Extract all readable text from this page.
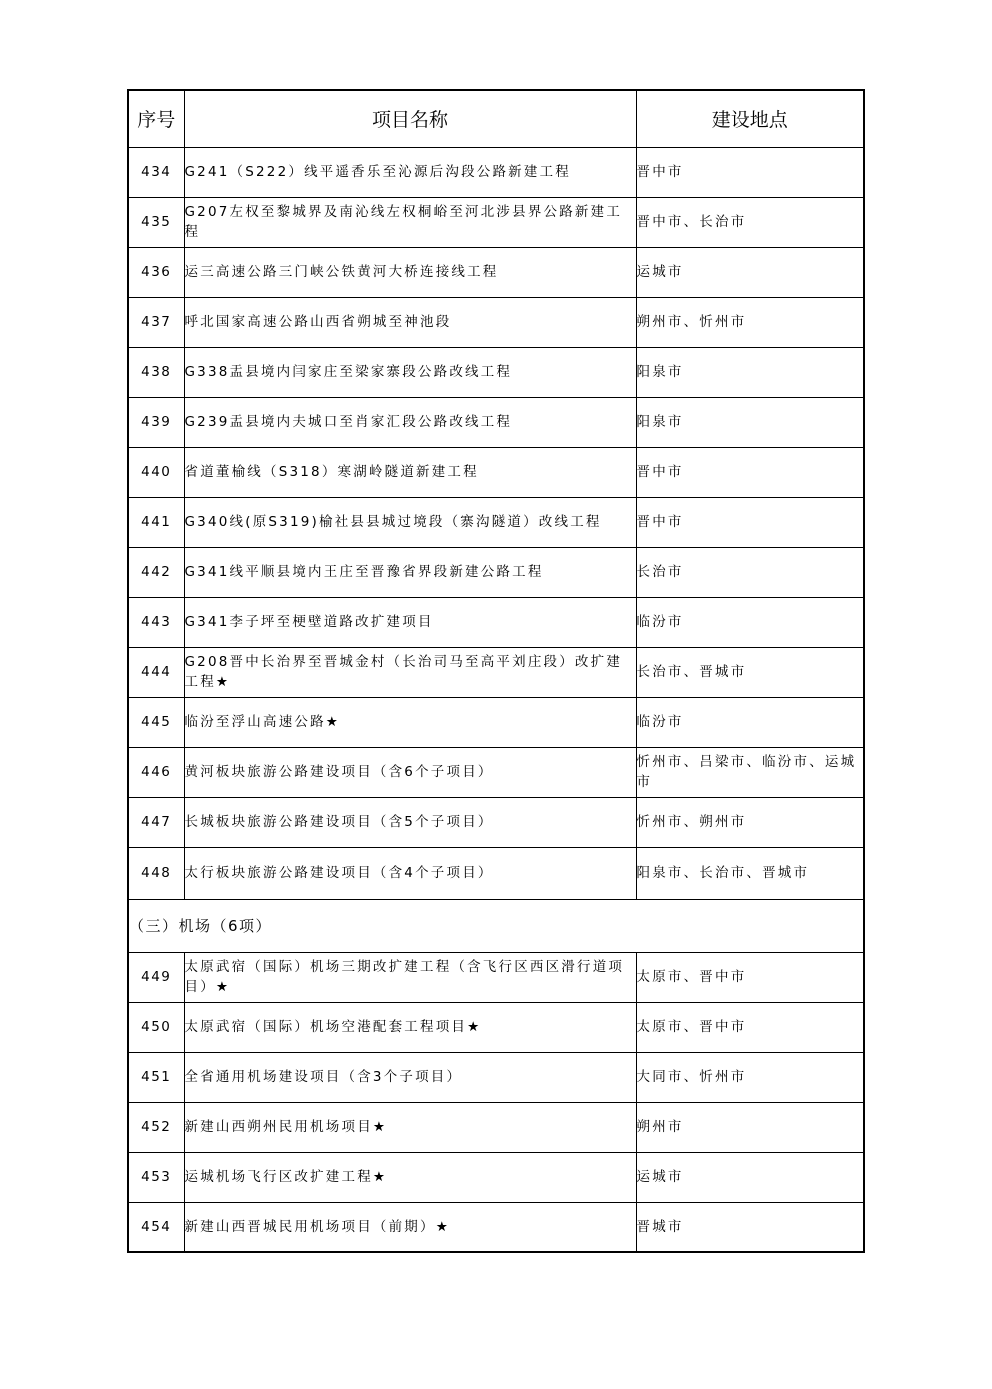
序号	项目名称	建设地点
434	G241（S222）线平遥香乐至沁源后沟段公路新建工程	晋中市
435	G207左权至黎城界及南沁线左权桐峪至河北涉县界公路新建工程	晋中市、长治市
436	运三高速公路三门峡公铁黄河大桥连接线工程	运城市
437	呼北国家高速公路山西省朔城至神池段	朔州市、忻州市
438	G338盂县境内闫家庄至梁家寨段公路改线工程	阳泉市
439	G239盂县境内夫城口至肖家汇段公路改线工程	阳泉市
440	省道董榆线（S318）寒湖岭隧道新建工程	晋中市
441	G340线(原S319)榆社县县城过境段（寨沟隧道）改线工程	晋中市
442	G341线平顺县境内王庄至晋豫省界段新建公路工程	长治市
443	G341李子坪至梗壁道路改扩建项目	临汾市
444	G208晋中长治界至晋城金村（长治司马至高平刘庄段）改扩建工程★	长治市、晋城市
445	临汾至浮山高速公路★	临汾市
446	黄河板块旅游公路建设项目（含6个子项目）	忻州市、吕梁市、临汾市、运城市
447	长城板块旅游公路建设项目（含5个子项目）	忻州市、朔州市
448	太行板块旅游公路建设项目（含4个子项目）	阳泉市、长治市、晋城市
（三）机场（6项）		
449	太原武宿（国际）机场三期改扩建工程（含飞行区西区滑行道项目）★	太原市、晋中市
450	太原武宿（国际）机场空港配套工程项目★	太原市、晋中市
451	全省通用机场建设项目（含3个子项目）	大同市、忻州市
452	新建山西朔州民用机场项目★	朔州市
453	运城机场飞行区改扩建工程★	运城市
454	新建山西晋城民用机场项目（前期）★	晋城市
